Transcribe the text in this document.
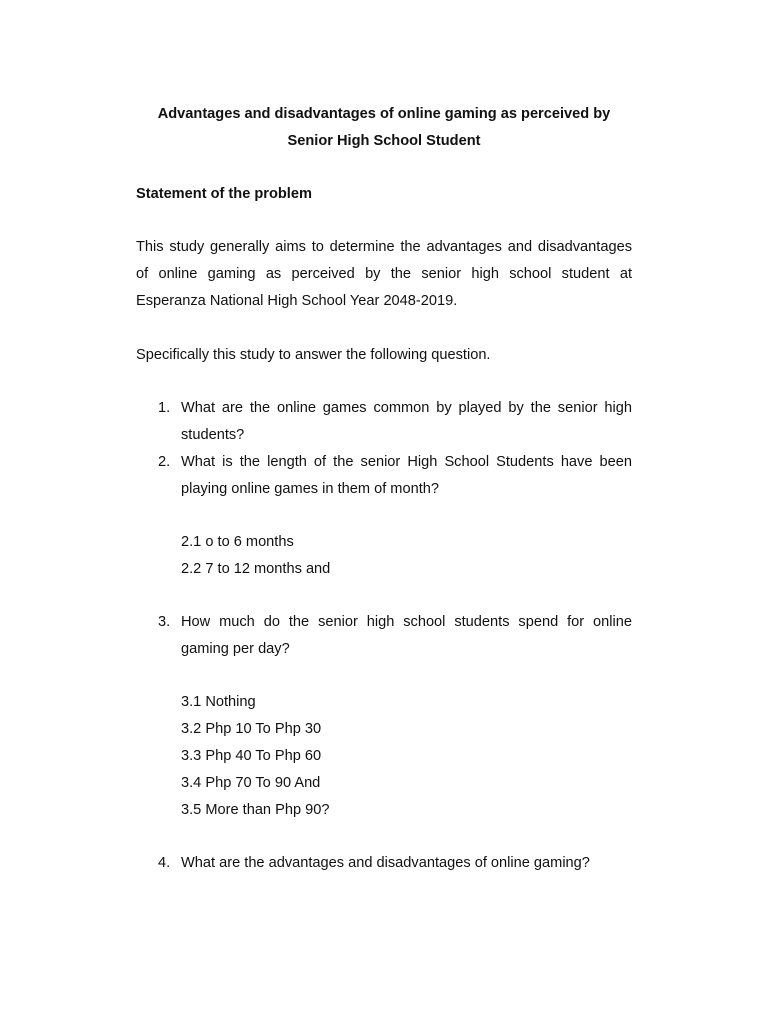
Advantages and disadvantages of online gaming as perceived by
Senior High School Student
Statement of the problem
This study generally aims to determine the advantages and disadvantages of online gaming as perceived by the senior high school student at Esperanza National High School Year 2048-2019.
Specifically this study to answer the following question.
1. What are the online games common by played by the senior high students?
2. What is the length of the senior High School Students have been playing online games in them of month?
2.1 o to 6 months
2.2 7 to 12 months and
3. How much do the senior high school students spend for online gaming per day?
3.1 Nothing
3.2 Php 10 To Php 30
3.3 Php 40 To Php 60
3.4 Php 70 To 90 And
3.5 More than Php 90?
4. What are the advantages and disadvantages of online gaming?
